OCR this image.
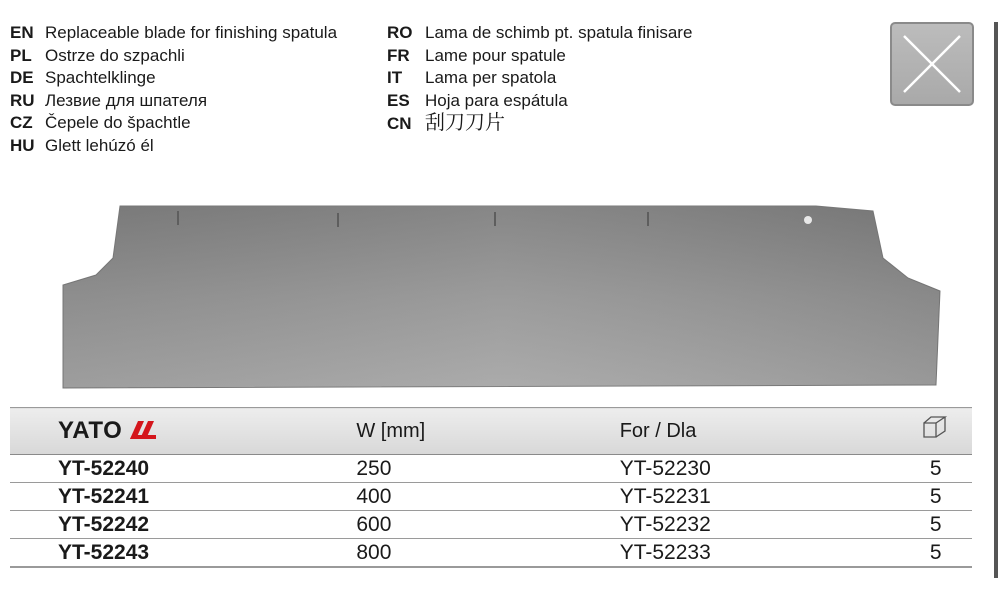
EN Replaceable blade for finishing spatula
PL Ostrze do szpachli
DE Spachtelklinge
RU Лезвие для шпателя
CZ Čepele do špachtle
HU Glett lehúzó él
RO Lama de schimb pt. spatula finisare
FR Lame pour spatule
IT Lama per spatola
ES Hoja para espátula
CN 刮刀刀片
YATO	W [mm]	For / Dla	
YT-52240	250	YT-52230	5
YT-52241	400	YT-52231	5
YT-52242	600	YT-52232	5
YT-52243	800	YT-52233	5
